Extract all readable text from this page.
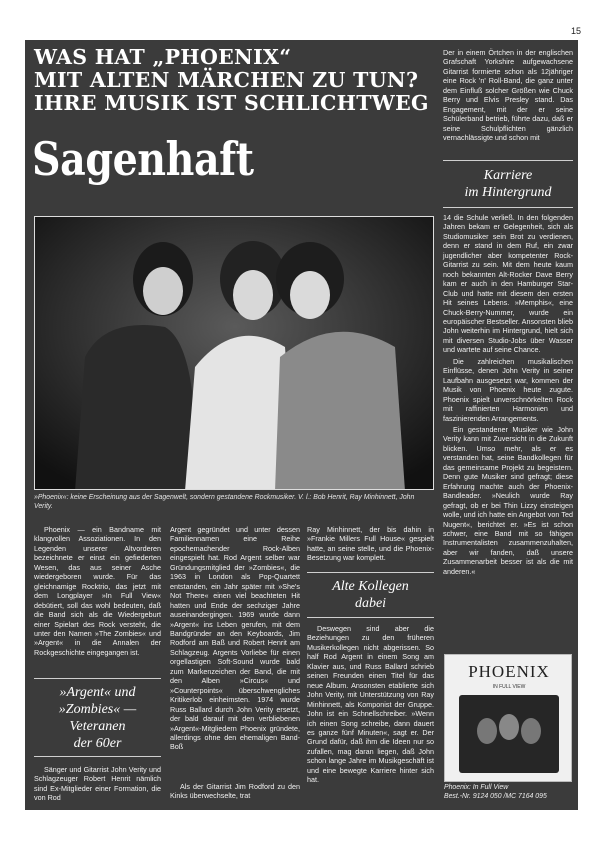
15
WAS HAT „PHOENIX“
MIT ALTEN MÄRCHEN ZU TUN?
IHRE MUSIK IST SCHLICHTWEG
Sagenhaft
Der in einem Örtchen in der englischen Grafschaft Yorkshire aufgewachsene Gitarrist formierte schon als 12jähriger eine Rock 'n' Roll-Band, die ganz unter dem Einfluß solcher Größen wie Chuck Berry und Elvis Presley stand. Das Engagement, mit der er seine Schülerband betrieb, führte dazu, daß er seine Schulpflichten gänzlich vernachlässigte und schon mit
Karriere
im Hintergrund

14 die Schule verließ. In den folgenden Jahren bekam er Gelegenheit, sich als Studiomusiker sein Brot zu verdienen, denn er stand in dem Ruf, ein zwar jugendlicher aber kompetenter Rock-Gitarrist zu sein. Mit dem heute kaum noch bekannten Alt-Rocker Dave Berry kam er auch in den Hamburger Star-Club und hatte mit diesem den ersten Hit seines Lebens. »Memphis«, eine Chuck-Berry-Nummer, wurde ein europäischer Bestseller. Ansonsten blieb John weiterhin im Hintergrund, hielt sich mit diversen Studio-Jobs über Wasser und wartete auf seine Chance.

Die zahlreichen musikalischen Einflüsse, denen John Verity in seiner Laufbahn ausgesetzt war, kommen der Musik von Phoenix heute zugute. Phoenix spielt unverschnörkelten Rock mit raffinierten Harmonien und faszinierenden Arrangements.

Ein gestandener Musiker wie John Verity kann mit Zuversicht in die Zukunft blicken. Umso mehr, als er es verstanden hat, seine Bandkollegen für das gemeinsame Projekt zu begeistern. Denn gute Musiker sind gefragt; diese Erfahrung machte auch der Phoenix-Bandleader. »Neulich wurde Ray gefragt, ob er bei Thin Lizzy einsteigen wolle, und ich hatte ein Angebot von Ted Nugent«, berichtet er. »Es ist schon schwer, eine Band mit so fähigen Instrumentalisten zusammenzuhalten, aber wir fanden, daß unsere Zusammenarbeit besser ist als die mit anderen.«

»Phoenix«: keine Erscheinung aus der Sagenwelt, sondern gestandene Rockmusiker. V. l.: Bob Henrit, Ray Minhinnett, John Verity.

Phoenix — ein Bandname mit klangvollen Assoziationen. In den Legenden unserer Altvorderen bezeichnete er einst ein gefiederten Wesen, das aus seiner Asche wiedergeboren wurde. Für das gleichnamige Rocktrio, das jetzt mit dem Longplayer »In Full View« debütiert, soll das wohl bedeuten, daß die Band sich als die Wiedergeburt einer Spielart des Rock versteht, die unter den Namen »The Zombies« und »Argent« in die Annalen der Rockgeschichte eingegangen ist.

»Argent« und
»Zombies« —
Veteranen
der 60er

Sänger und Gitarrist John Verity und Schlagzeuger Robert Henrit nämlich sind Ex-Mitglieder einer Formation, die von Rod

Argent gegründet und unter dessen Familiennamen eine Reihe epochemachender Rock-Alben eingespielt hat. Rod Argent selber war Gründungsmitglied der »Zombies«, die 1963 in London als Pop-Quartett entstanden, ein Jahr später mit »She's Not There« einen viel beachteten Hit hatten und Ende der sechziger Jahre auseinandergingen. 1969 wurde dann »Argent« ins Leben gerufen, mit dem Bandgründer an den Keyboards, Jim Rodford am Baß und Robert Henrit am Schlagzeug. Argents Vorliebe für einen orgellastigen Soft-Sound wurde bald zum Markenzeichen der Band, die mit den Alben »Circus« und »Counterpoints« überschwengliches Kritikerlob einheimsten. 1974 wurde Russ Ballard durch John Verity ersetzt, der bald darauf mit den verbliebenen »Argent«-Mitgliedern Phoenix gründete, allerdings ohne den ehemaligen Band-Boß

Als der Gitarrist Jim Rodford zu den Kinks überwechselte, trat

Ray Minhinnett, der bis dahin in »Frankie Millers Full House« gespielt hatte, an seine stelle, und die Phoenix-Besetzung war komplett.
Alte Kollegen
dabei

Deswegen sind aber die Beziehungen zu den früheren Musikerkollegen nicht abgerissen. So half Rod Argent in einem Song am Klavier aus, und Russ Ballard schrieb seinen Freunden einen Titel für das neue Album. Ansonsten etablierte sich John Verity, mit Unterstützung von Ray Minhinnett, als Komponist der Gruppe. John ist ein Schnellschreiber. »Wenn ich einen Song schreibe, dann dauert es ganze fünf Minuten«, sagt er. Der Grund dafür, daß ihm die Ideen nur so zufallen, mag daran liegen, daß John schon lange Jahre im Musikgeschäft ist und eine bewegte Karriere hinter sich hat.

PHOENIX
IN FULL VIEW
Phoenix: In Full View
Best.-Nr. 9124 050 /MC 7164 095
